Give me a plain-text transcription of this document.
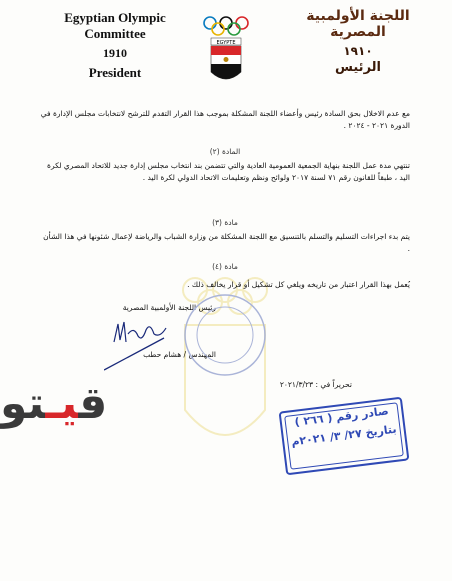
Egyptian Olympic Committee
1910
President
EGYPTE
اللجنة الأولمبية المصرية
١٩١٠
الرئيس
مع عدم الاخلال بحق السادة رئيس وأعضاء اللجنة المشكلة بموجب هذا القرار التقدم للترشح لانتخابات مجلس الإدارة في الدورة ٢٠٢١ - ٢٠٢٤ .
المادة (٢)
تنتهي مدة عمل اللجنة بنهاية الجمعية العمومية العادية والتي تتضمن بند انتخاب مجلس إدارة جديد للاتحاد المصري لكرة اليد ، طبقاً للقانون رقم ٧١ لسنة ٢٠١٧ ولوائح ونظم وتعليمات الاتحاد الدولي لكرة اليد .
مادة (٣)
يتم بدء اجراءات التسليم والتسلم بالتنسيق مع اللجنة المشكلة من وزارة الشباب والرياضة لإعمال شئونها في هذا الشأن .
مادة (٤)
يُعمل بهذا القرار اعتبار من تاريخه ويلغي كل تشكيل أو قرار يخالف ذلك .
رئيس اللجنة الأولمبية المصرية
المهندس / هشام حطب
تحريراً في : ٢٠٢١/٣/٢٣
قيـتو	صادر رقم ( ٢٦٦ )
بتاريخ ٢٧/ ٣/ ٢٠٢١م
